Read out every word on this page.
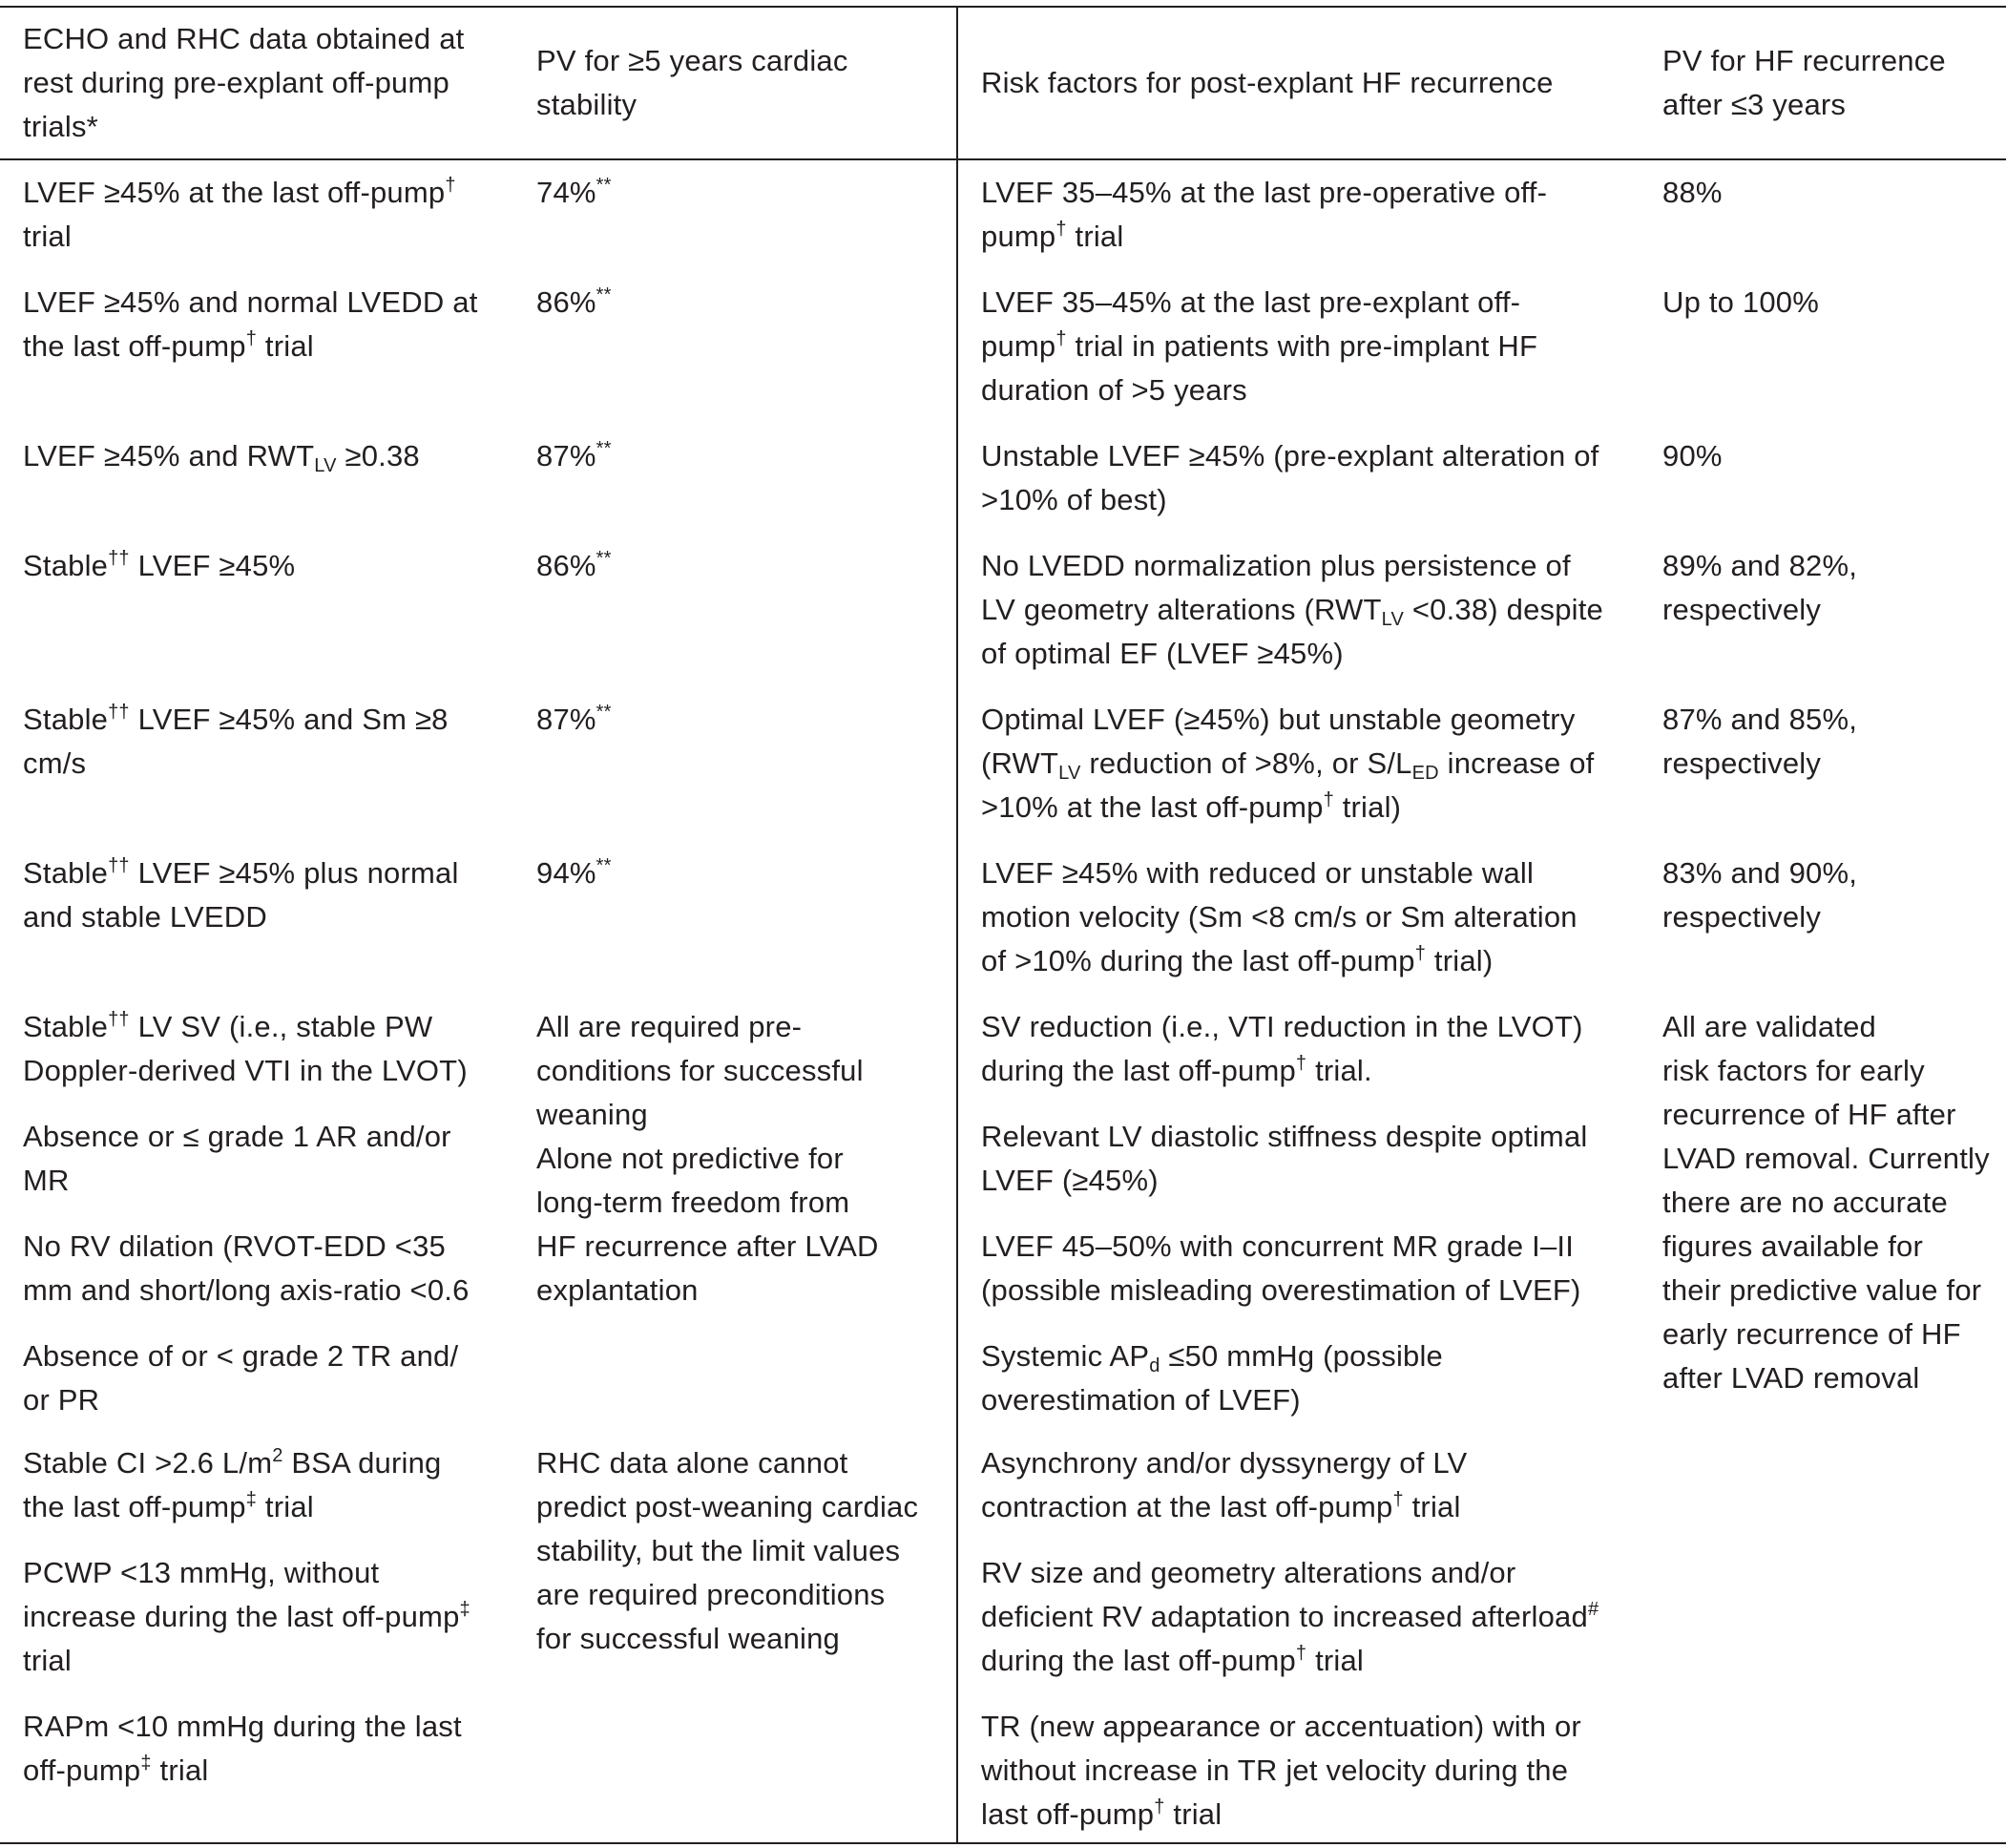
ECHO and RHC data obtained at
rest during pre-explant off-pump
trials*
PV for ≥5 years cardiac
stability
Risk factors for post-explant HF recurrence
PV for HF recurrence
after ≤3 years
LVEF ≥45% at the last off-pump†
trial
LVEF ≥45% and normal LVEDD at
the last off-pump† trial
LVEF ≥45% and $RWT_{LV} \ge 0.38$
Stable†† LVEF ≥45%
Stable†† LVEF ≥45% and Sm ≥8
cm/s
Stable†† LVEF ≥45% plus normal
and stable LVEDD
Stable†† LV SV (i.e., stable PW
Doppler-derived VTI in the LVOT)
Absence or ≤ grade 1 AR and/or
MR
No RV dilation (RVOT-EDD <35
mm and short/long axis-ratio <0.6
Absence of or < grade 2 TR and/
or PR
Stable CI >2.6 $L/m^2$ BSA during
the last off-pump‡ trial
PCWP <13 mmHg, without
increase during the last off-pump‡
trial
RAPm <10 mmHg during the last
off-pump‡ trial
74%**
86%**
87%**
86%**
87%**
94%**
All are required pre-
conditions for successful
weaning
Alone not predictive for
long-term freedom from
HF recurrence after LVAD
explantation
RHC data alone cannot
predict post-weaning cardiac
stability, but the limit values
are required preconditions
for successful weaning
LVEF 35–45% at the last pre-operative off-
pump† trial
LVEF 35–45% at the last pre-explant off-
pump† trial in patients with pre-implant HF
duration of >5 years
Unstable LVEF ≥45% (pre-explant alteration of
>10% of best)
No LVEDD normalization plus persistence of
LV geometry alterations $(RWT_{LV} <0.38)$ despite
of optimal EF (LVEF ≥45%)
Optimal LVEF (≥45%) but unstable geometry
($RWT_{LV}$ reduction of >8%, or $S/L_{ED}$ increase of
>10% at the last off-pump† trial)
LVEF ≥45% with reduced or unstable wall
motion velocity (Sm <8 cm/s or Sm alteration
of >10% during the last off-pump† trial)
SV reduction (i.e., VTI reduction in the LVOT)
during the last off-pump† trial.
Relevant LV diastolic stiffness despite optimal
LVEF (≥45%)
LVEF 45–50% with concurrent MR grade I–II
(possible misleading overestimation of LVEF)
Systemic $AP_d \le 50$ mmHg (possible
overestimation of LVEF)
Asynchrony and/or dyssynergy of LV
contraction at the last off-pump† trial
RV size and geometry alterations and/or
deficient RV adaptation to increased afterload#
during the last off-pump† trial
TR (new appearance or accentuation) with or
without increase in TR jet velocity during the
last off-pump† trial
88%
Up to 100%
90%
89% and 82%,
respectively
87% and 85%,
respectively
83% and 90%,
respectively
All are validated
risk factors for early
recurrence of HF after
LVAD removal. Currently
there are no accurate
figures available for
their predictive value for
early recurrence of HF
after LVAD removal
